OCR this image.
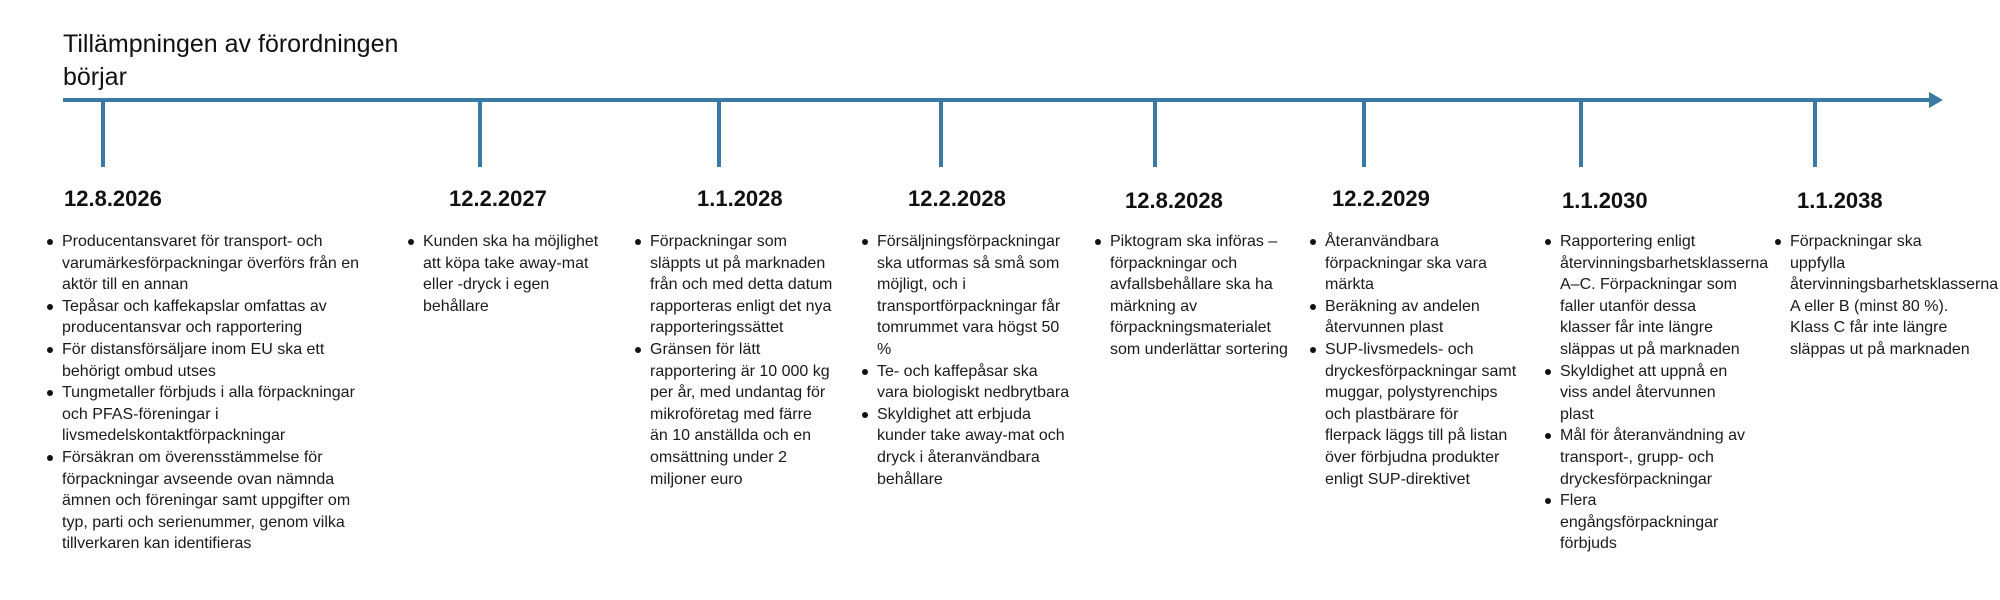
Tillämpningen av förordningen börjar
12.8.2026	12.2.2027	1.1.2028	12.2.2028	12.8.2028	12.2.2029	1.1.2030	1.1.2038
Producentansvaret för transport- och varumärkesförpackningar överförs från en aktör till en annan
Tepåsar och kaffekapslar omfattas av producentansvar och rapportering
För distansförsäljare inom EU ska ett behörigt ombud utses
Tungmetaller förbjuds i alla förpackningar och PFAS-föreningar i livsmedelskontaktförpackningar
Försäkran om överensstämmelse för förpackningar avseende ovan nämnda ämnen och föreningar samt uppgifter om typ, parti och serienummer, genom vilka tillverkaren kan identifieras
Kunden ska ha möjlighet att köpa take away-mat eller -dryck i egen behållare
Förpackningar som släppts ut på marknaden från och med detta datum rapporteras enligt det nya rapporteringssättet
Gränsen för lätt rapportering är 10 000 kg per år, med undantag för mikroföretag med färre än 10 anställda och en omsättning under 2 miljoner euro
Försäljningsförpackningar ska utformas så små som möjligt, och i transportförpackningar får tomrummet vara högst 50 %
Te- och kaffepåsar ska vara biologiskt nedbrytbara
Skyldighet att erbjuda kunder take away-mat och dryck i återanvändbara behållare
Piktogram ska införas – förpackningar och avfallsbehållare ska ha märkning av förpackningsmaterialet som underlättar sortering
Återanvändbara förpackningar ska vara märkta
Beräkning av andelen återvunnen plast
SUP-livsmedels- och dryckesförpackningar samt muggar, polystyrenchips och plastbärare för flerpack läggs till på listan över förbjudna produkter enligt SUP-direktivet
Rapportering enligt återvinningsbarhetsklasserna A–C. Förpackningar som faller utanför dessa klasser får inte längre släppas ut på marknaden
Skyldighet att uppnå en viss andel återvunnen plast
Mål för återanvändning av transport-, grupp- och dryckesförpackningar
Flera engångsförpackningar förbjuds
Förpackningar ska uppfylla återvinningsbarhetsklasserna A eller B (minst 80 %). Klass C får inte längre släppas ut på marknaden
